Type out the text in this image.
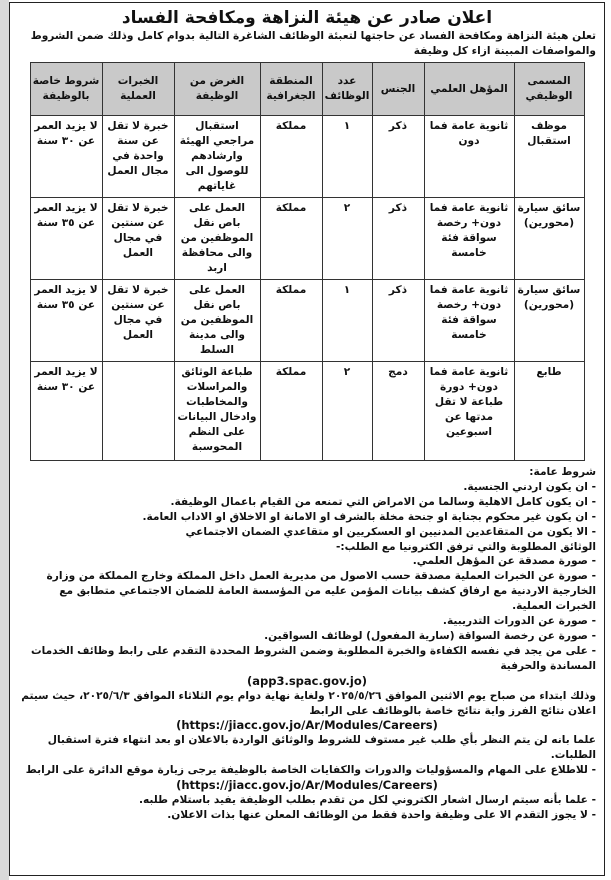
اعلان صادر عن هيئة النزاهة ومكافحة الفساد
تعلن هيئة النزاهة ومكافحة الفساد عن حاجتها لتعبئة الوظائف الشاغرة التالية بدوام كامل وذلك ضمن الشروط والمواصفات المبينة ازاء كل وظيفة
المسمى الوظيفي	المؤهل العلمي	الجنس	عدد الوظائف	المنطقة الجغرافية	الغرض من الوظيفة	الخبرات العملية	شروط خاصة بالوظيفة
موظف استقبال	ثانوية عامة فما دون	ذكر	١	مملكة	استقبال مراجعي الهيئة وارشادهم للوصول الى غاياتهم	خبرة لا تقل عن سنة واحدة في مجال العمل	لا يزيد العمر عن ٣٠ سنة
سائق سيارة (محورين)	ثانوية عامة فما دون+ رخصة سواقة فئة خامسة	ذكر	٢	مملكة	العمل على باص نقل الموظفين من والى محافظة اربد	خبرة لا تقل عن سنتين في مجال العمل	لا يزيد العمر عن ٣٥ سنة
سائق سيارة (محورين)	ثانوية عامة فما دون+ رخصة سواقة فئة خامسة	ذكر	١	مملكة	العمل على باص نقل الموظفين من والى مدينة السلط	خبرة لا تقل عن سنتين في مجال العمل	لا يزيد العمر عن ٣٥ سنة
طابع	ثانوية عامة فما دون+ دورة طباعة لا تقل مدتها عن اسبوعين	دمج	٢	مملكة	طباعة الوثائق والمراسلات والمخاطبات وادخال البيانات على النظم المحوسبة		لا يزيد العمر عن ٣٠ سنة

شروط عامة:

- ان يكون اردني الجنسية.

- ان يكون كامل الاهلية وسالما من الامراض التي تمنعه من القيام باعمال الوظيفة.

- ان يكون غير محكوم بجناية او جنحة مخلة بالشرف او الامانة او الاخلاق او الاداب العامة.

- الا يكون من المتقاعدين المدنيين او العسكريين او متقاعدي الضمان الاجتماعي

الوثائق المطلوبة والتي ترفق الكترونيا مع الطلب:-

- صورة مصدقة عن المؤهل العلمي.

- صورة عن الخبرات العملية مصدقة حسب الاصول من مديرية العمل داخل المملكة وخارج المملكة من وزارة الخارجية الاردنية مع ارفاق كشف بيانات المؤمن عليه من المؤسسة العامة للضمان الاجتماعي متطابق مع الخبرات العملية.

- صورة عن الدورات التدريبية.

- صورة عن رخصة السواقة (سارية المفعول) لوظائف السواقين.

- على من يجد في نفسه الكفاءة والخبرة المطلوبة وضمن الشروط المحددة التقدم على رابط وظائف الخدمات المساندة والحرفية

(app3.spac.gov.jo)

وذلك ابتداء من صباح يوم الاثنين الموافق ٢٠٢٥/٥/٢٦ ولغاية نهاية دوام يوم الثلاثاء الموافق ٢٠٢٥/٦/٣، حيث سيتم اعلان نتائج الفرز واية نتائج خاصة بالوظائف على الرابط

(https://jiacc.gov.jo/Ar/Modules/Careers)

علما بانه لن يتم النظر بأي طلب غير مستوف للشروط والوثائق الواردة بالاعلان او بعد انتهاء فترة استقبال الطلبات.

- للاطلاع على المهام والمسؤوليات والدورات والكفايات الخاصة بالوظيفة يرجى زيارة موقع الدائرة على الرابط

(https://jiacc.gov.jo/Ar/Modules/Careers)

- علما بأنه سيتم ارسال اشعار الكتروني لكل من تقدم بطلب الوظيفة يفيد باستلام طلبه.

- لا يجوز التقدم الا على وظيفة واحدة فقط من الوظائف المعلن عنها بذات الاعلان.
